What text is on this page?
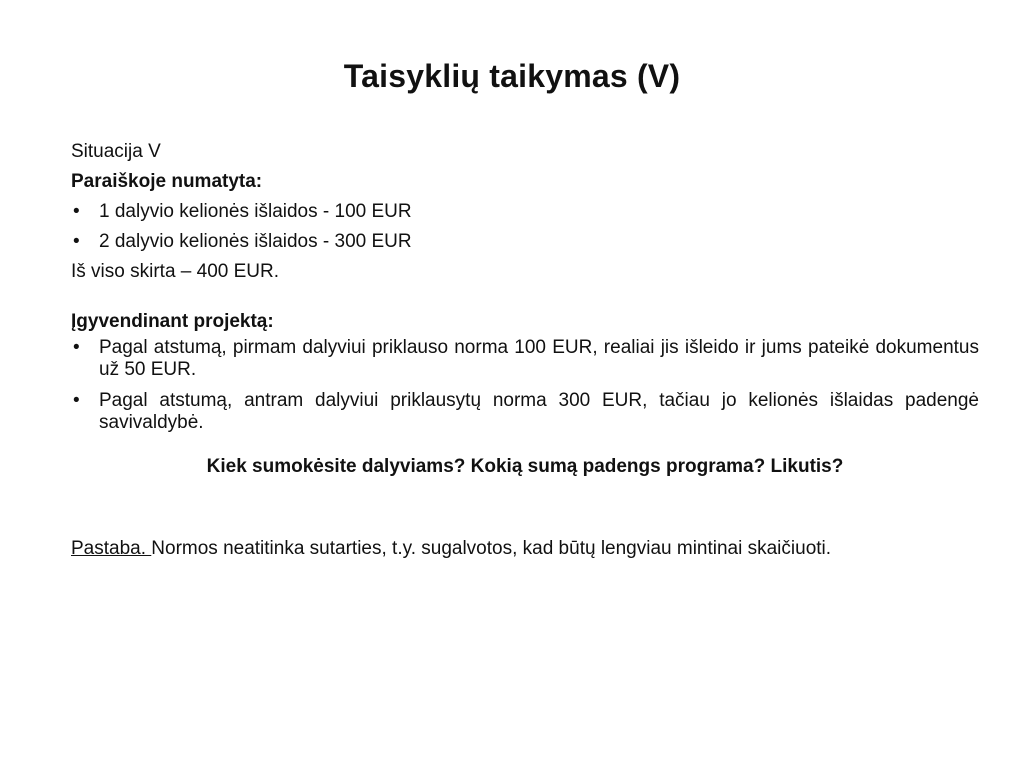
Taisyklių taikymas (V)

Situacija V

Paraiškoje numatyta:

•	1 dalyvio kelionės išlaidos - 100 EUR
•	2 dalyvio kelionės išlaidos - 300 EUR

Iš viso skirta – 400 EUR.

Įgyvendinant projektą:

•	Pagal atstumą, pirmam dalyviui priklauso norma 100 EUR, realiai jis išleido ir jums pateikė dokumentus už 50 EUR.
•	Pagal atstumą, antram dalyviui priklausytų norma 300 EUR, tačiau jo kelionės išlaidas padengė savivaldybė.

Kiek sumokėsite dalyviams? Kokią sumą padengs programa? Likutis?

Pastaba. Normos neatitinka sutarties, t.y. sugalvotos, kad būtų lengviau mintinai skaičiuoti.
